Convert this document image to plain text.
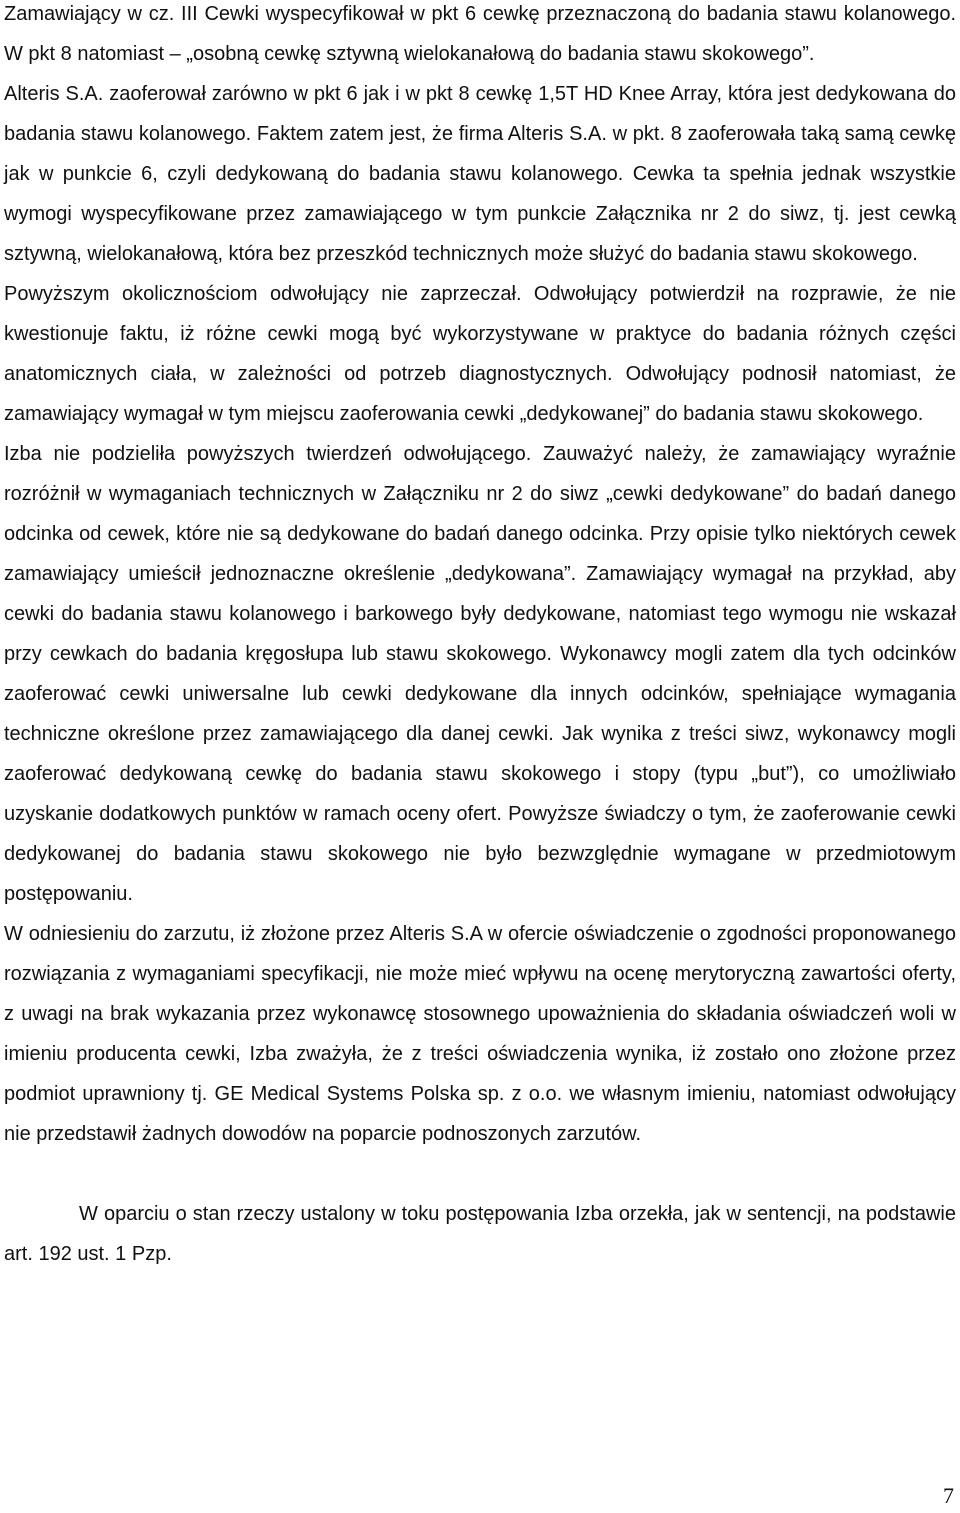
Zamawiający w cz. III Cewki wyspecyfikował w pkt 6 cewkę przeznaczoną do badania stawu kolanowego. W pkt 8 natomiast – „osobną cewkę sztywną wielokanałową do badania stawu skokowego”.

Alteris S.A. zaoferował zarówno w pkt 6 jak i w pkt 8 cewkę 1,5T HD Knee Array, która jest dedykowana do badania stawu kolanowego. Faktem zatem jest, że firma Alteris S.A. w pkt. 8 zaoferowała taką samą cewkę jak w punkcie 6, czyli dedykowaną do badania stawu kolanowego. Cewka ta spełnia jednak wszystkie wymogi wyspecyfikowane przez zamawiającego w tym punkcie Załącznika nr 2 do siwz, tj. jest cewką sztywną, wielokanałową, która bez przeszkód technicznych może służyć do badania stawu skokowego.

Powyższym okolicznościom odwołujący nie zaprzeczał. Odwołujący potwierdził na rozprawie, że nie kwestionuje faktu, iż różne cewki mogą być wykorzystywane w praktyce do badania różnych części anatomicznych ciała, w zależności od potrzeb diagnostycznych. Odwołujący podnosił natomiast, że zamawiający wymagał w tym miejscu zaoferowania cewki „dedykowanej” do badania stawu skokowego.

Izba nie podzieliła powyższych twierdzeń odwołującego. Zauważyć należy, że zamawiający wyraźnie rozróżnił w wymaganiach technicznych w Załączniku nr 2 do siwz „cewki dedykowane” do badań danego odcinka od cewek, które nie są dedykowane do badań danego odcinka. Przy opisie tylko niektórych cewek zamawiający umieścił jednoznaczne określenie „dedykowana”. Zamawiający wymagał na przykład, aby cewki do badania stawu kolanowego i barkowego były dedykowane, natomiast tego wymogu nie wskazał przy cewkach do badania kręgosłupa lub stawu skokowego. Wykonawcy mogli zatem dla tych odcinków zaoferować cewki uniwersalne lub cewki dedykowane dla innych odcinków, spełniające wymagania techniczne określone przez zamawiającego dla danej cewki. Jak wynika z treści siwz, wykonawcy mogli zaoferować dedykowaną cewkę do badania stawu skokowego i stopy (typu „but”), co umożliwiało uzyskanie dodatkowych punktów w ramach oceny ofert. Powyższe świadczy o tym, że zaoferowanie cewki dedykowanej do badania stawu skokowego nie było bezwzględnie wymagane w przedmiotowym postępowaniu.

W odniesieniu do zarzutu, iż złożone przez Alteris S.A w ofercie oświadczenie o zgodności proponowanego rozwiązania z wymaganiami specyfikacji, nie może mieć wpływu na ocenę merytoryczną zawartości oferty, z uwagi na brak wykazania przez wykonawcę stosownego upoważnienia do składania oświadczeń woli w imieniu producenta cewki, Izba zważyła, że z treści oświadczenia wynika, iż zostało ono złożone przez podmiot uprawniony tj. GE Medical Systems Polska sp. z o.o. we własnym imieniu, natomiast odwołujący nie przedstawił żadnych dowodów na poparcie podnoszonych zarzutów.

W oparciu o stan rzeczy ustalony w toku postępowania Izba orzekła, jak w sentencji, na podstawie art. 192 ust. 1 Pzp.

7
